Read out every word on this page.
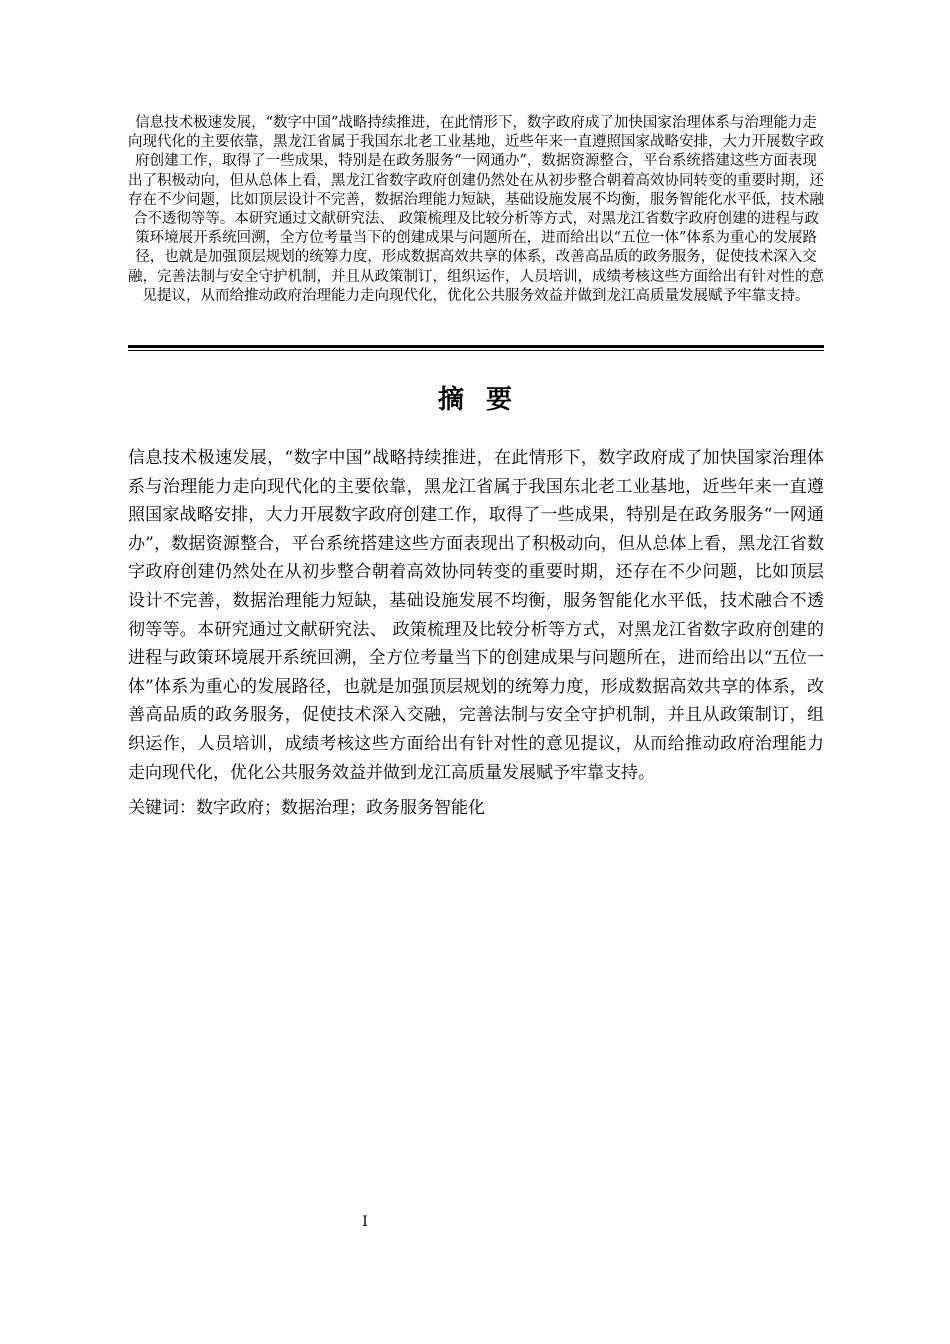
信息技术极速发展，“数字中国”战略持续推进，在此情形下，数字政府成了加快国家治理体系与治理能力走向现代化的主要依靠，黑龙江省属于我国东北老工业基地，近些年来一直遵照国家战略安排，大力开展数字政府创建工作，取得了一些成果，特别是在政务服务“一网通办”，数据资源整合，平台系统搭建这些方面表现出了积极动向，但从总体上看，黑龙江省数字政府创建仍然处在从初步整合朝着高效协同转变的重要时期，还存在不少问题，比如顶层设计不完善，数据治理能力短缺，基础设施发展不均衡，服务智能化水平低，技术融合不透彻等等。本研究通过文献研究法、 政策梳理及比较分析等方式，对黑龙江省数字政府创建的进程与政策环境展开系统回溯，全方位考量当下的创建成果与问题所在，进而给出以“五位一体”体系为重心的发展路径，也就是加强顶层规划的统筹力度，形成数据高效共享的体系，改善高品质的政务服务，促使技术深入交融，完善法制与安全守护机制，并且从政策制订，组织运作，人员培训，成绩考核这些方面给出有针对性的意见提议，从而给推动政府治理能力走向现代化，优化公共服务效益并做到龙江高质量发展赋予牢靠支持。
摘要
信息技术极速发展，“数字中国”战略持续推进，在此情形下，数字政府成了加快国家治理体系与治理能力走向现代化的主要依靠，黑龙江省属于我国东北老工业基地，近些年来一直遵照国家战略安排，大力开展数字政府创建工作，取得了一些成果，特别是在政务服务“一网通办”，数据资源整合，平台系统搭建这些方面表现出了积极动向，但从总体上看，黑龙江省数字政府创建仍然处在从初步整合朝着高效协同转变的重要时期，还存在不少问题，比如顶层设计不完善，数据治理能力短缺，基础设施发展不均衡，服务智能化水平低，技术融合不透彻等等。本研究通过文献研究法、 政策梳理及比较分析等方式，对黑龙江省数字政府创建的进程与政策环境展开系统回溯，全方位考量当下的创建成果与问题所在，进而给出以“五位一体”体系为重心的发展路径，也就是加强顶层规划的统筹力度，形成数据高效共享的体系，改善高品质的政务服务，促使技术深入交融，完善法制与安全守护机制，并且从政策制订，组织运作，人员培训，成绩考核这些方面给出有针对性的意见提议，从而给推动政府治理能力走向现代化，优化公共服务效益并做到龙江高质量发展赋予牢靠支持。
关键词：数字政府；数据治理；政务服务智能化
I
